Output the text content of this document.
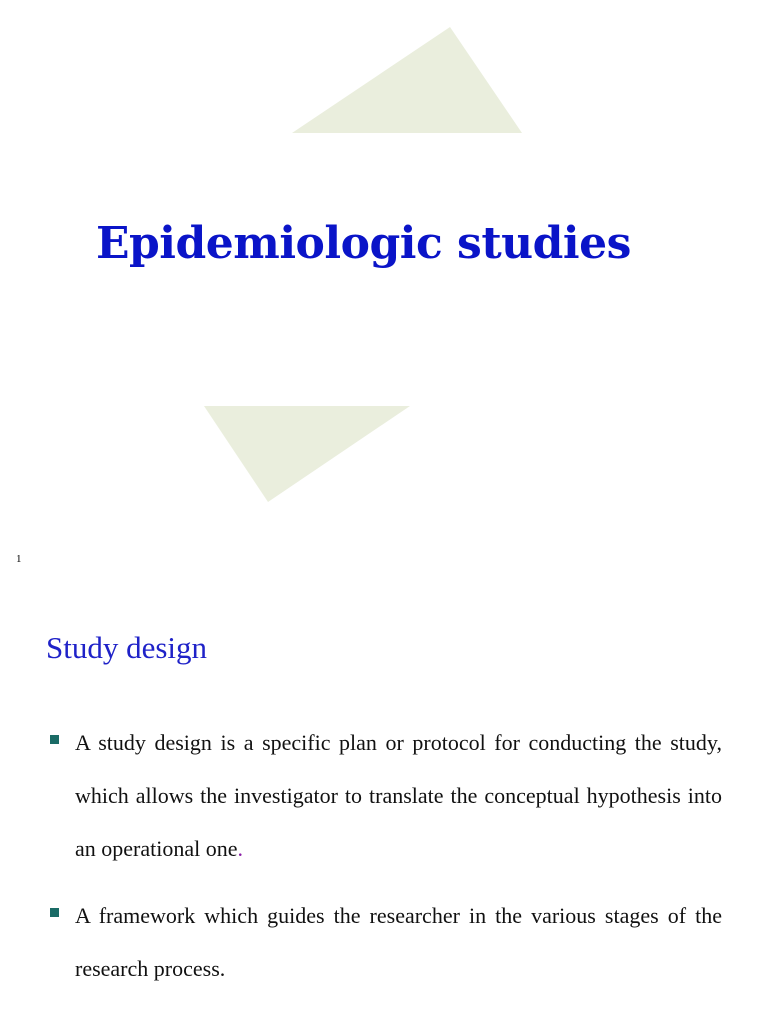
Epidemiologic studies
1
Study design
A study design is a specific plan or protocol for conducting the study, which allows the investigator to translate the conceptual hypothesis into an operational one.
A framework which guides the researcher in the various stages of the research process.
